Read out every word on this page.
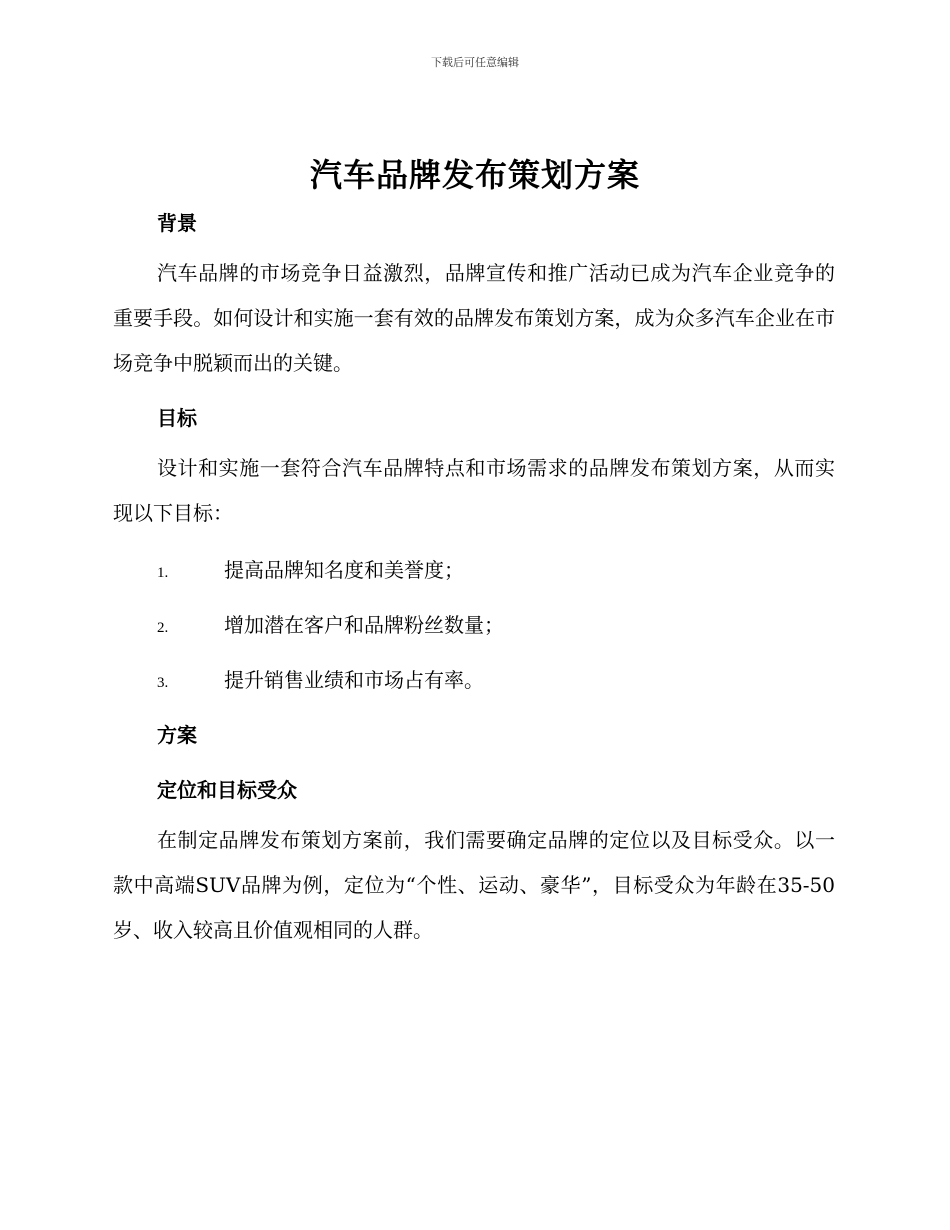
下载后可任意编辑
汽车品牌发布策划方案
背景
汽车品牌的市场竞争日益激烈，品牌宣传和推广活动已成为汽车企业竞争的重要手段。如何设计和实施一套有效的品牌发布策划方案，成为众多汽车企业在市场竞争中脱颖而出的关键。
目标
设计和实施一套符合汽车品牌特点和市场需求的品牌发布策划方案，从而实现以下目标：
1.	提高品牌知名度和美誉度；
2.	增加潜在客户和品牌粉丝数量；
3.	提升销售业绩和市场占有率。
方案
定位和目标受众
在制定品牌发布策划方案前，我们需要确定品牌的定位以及目标受众。以一款中高端SUV品牌为例，定位为“个性、运动、豪华”，目标受众为年龄在35-50岁、收入较高且价值观相同的人群。
